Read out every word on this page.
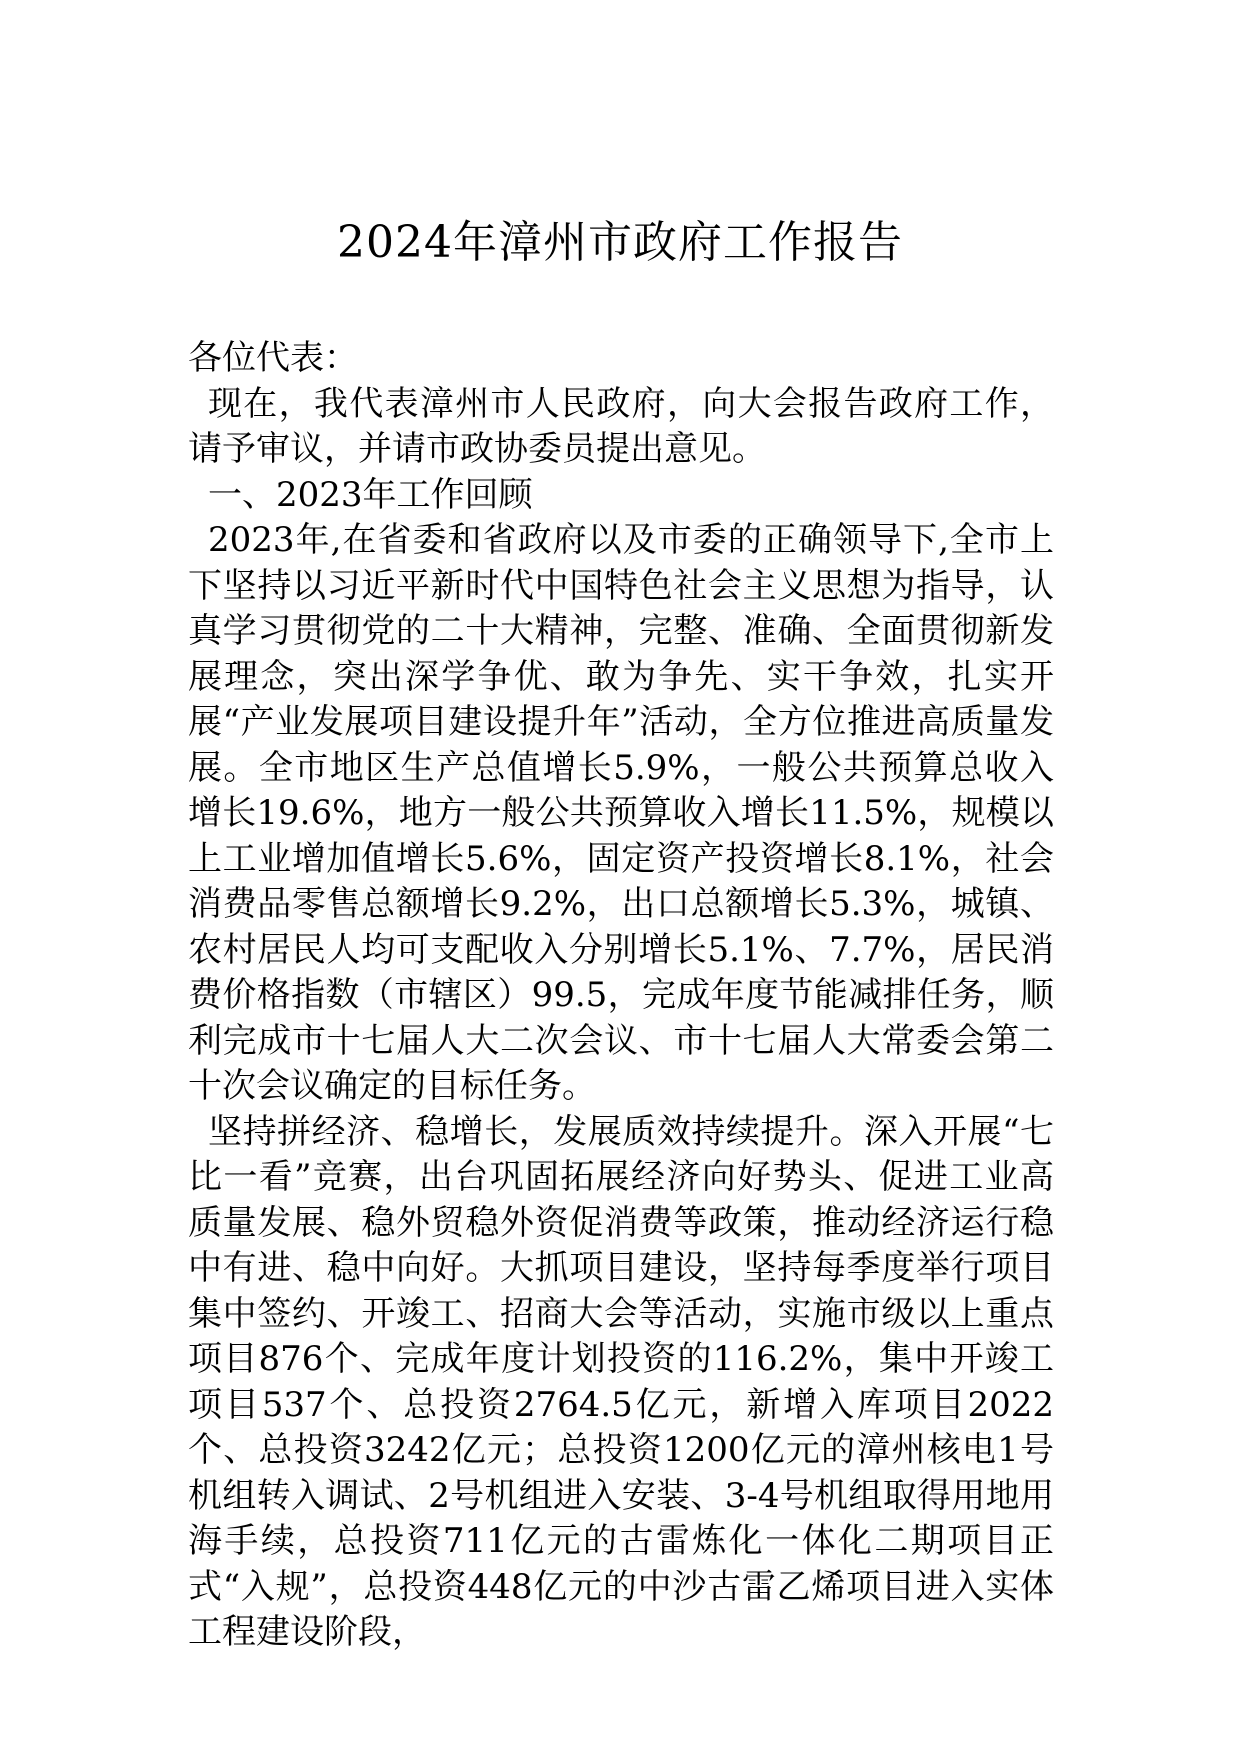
2024年漳州市政府工作报告

各位代表：

现在，我代表漳州市人民政府，向大会报告政府工作，请予审议，并请市政协委员提出意见。

一、2023年工作回顾

2023年,在省委和省政府以及市委的正确领导下,全市上下坚持以习近平新时代中国特色社会主义思想为指导，认真学习贯彻党的二十大精神，完整、准确、全面贯彻新发展理念，突出深学争优、敢为争先、实干争效，扎实开展“产业发展项目建设提升年”活动，全方位推进高质量发展。全市地区生产总值增长5.9%，一般公共预算总收入增长19.6%，地方一般公共预算收入增长11.5%，规模以上工业增加值增长5.6%，固定资产投资增长8.1%，社会消费品零售总额增长9.2%，出口总额增长5.3%，城镇、农村居民人均可支配收入分别增长5.1%、7.7%，居民消费价格指数（市辖区）99.5，完成年度节能减排任务，顺利完成市十七届人大二次会议、市十七届人大常委会第二十次会议确定的目标任务。

坚持拼经济、稳增长，发展质效持续提升。深入开展“七比一看”竞赛，出台巩固拓展经济向好势头、促进工业高质量发展、稳外贸稳外资促消费等政策，推动经济运行稳中有进、稳中向好。大抓项目建设，坚持每季度举行项目集中签约、开竣工、招商大会等活动，实施市级以上重点项目876个、完成年度计划投资的116.2%，集中开竣工项目537个、总投资2764.5亿元，新增入库项目2022个、总投资3242亿元；总投资1200亿元的漳州核电1号机组转入调试、2号机组进入安装、3-4号机组取得用地用海手续，总投资711亿元的古雷炼化一体化二期项目正式“入规”，总投资448亿元的中沙古雷乙烯项目进入实体工程建设阶段，
